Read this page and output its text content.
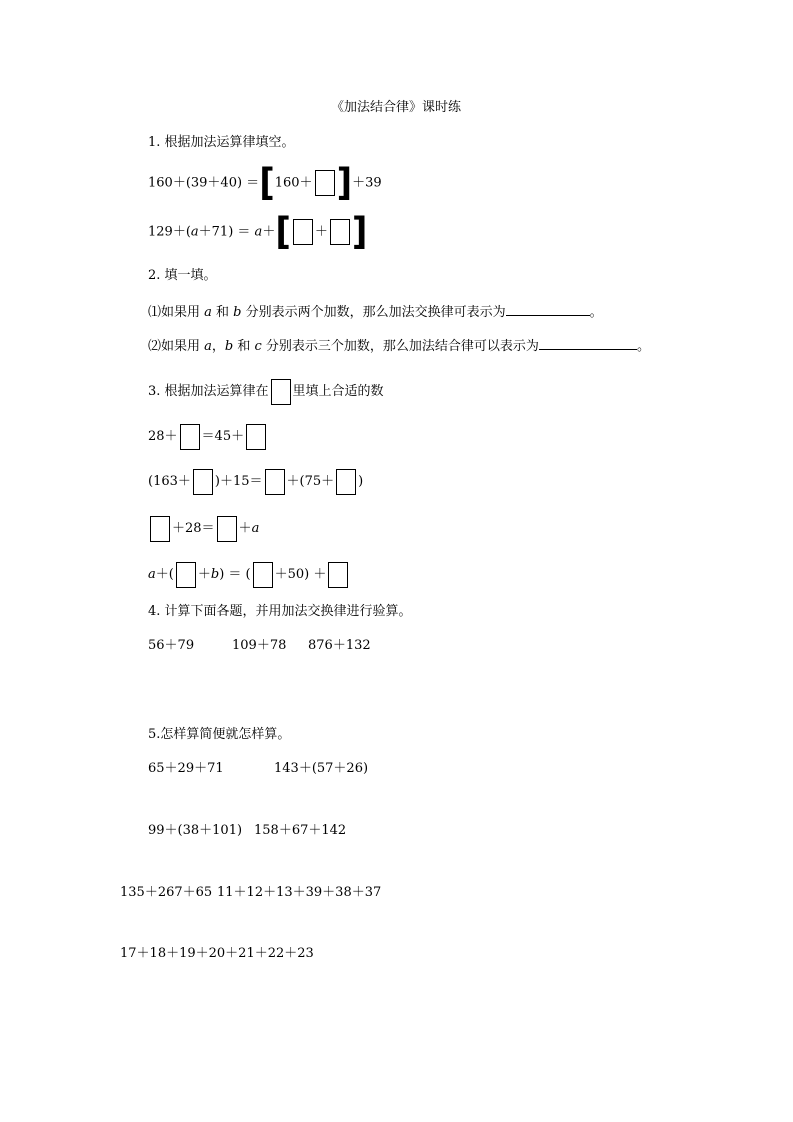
《加法结合律》课时练
1. 根据加法运算律填空。
160＋(39＋40) ＝[160＋ ]＋39
129＋(a＋71) ＝ a＋[ ＋ ]
2. 填一填。
⑴如果用 a 和 b 分别表示两个加数，那么加法交换律可表示为	。
⑵如果用 a，b 和 c 分别表示三个加数，那么加法结合律可以表示为	。
3. 根据加法运算律在 里填上合适的数
28＋ ＝45＋
(163＋ )＋15＝ ＋(75＋ )
＋28＝ ＋a
a＋( ＋b) ＝ ( ＋50) ＋
4. 计算下面各题，并用加法交换律进行验算。
56＋79	109＋78 876＋132
5.怎样算简便就怎样算。
65＋29＋71	143＋(57＋26)
99＋(38＋101) 158＋67＋142
135＋267＋65 11＋12＋13＋39＋38＋37
17＋18＋19＋20＋21＋22＋23
